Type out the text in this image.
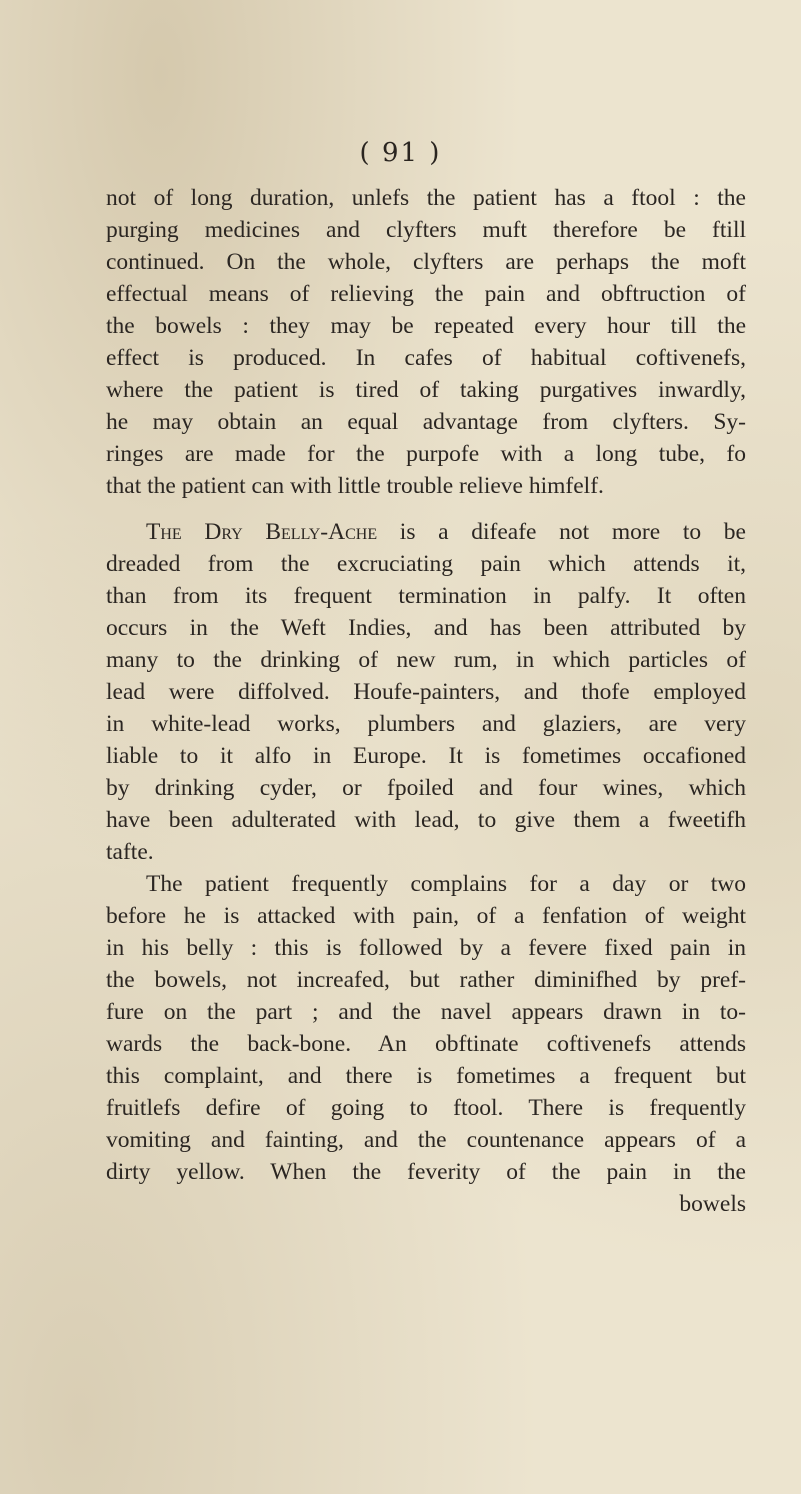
( 91 )
not of long duration, unlefs the patient has a ftool : the
purging medicines and clyfters muft therefore be ftill
continued. On the whole, clyfters are perhaps the moft
effectual means of relieving the pain and obftruction of
the bowels : they may be repeated every hour till the
effect is produced. In cafes of habitual coftivenefs,
where the patient is tired of taking purgatives inwardly,
he may obtain an equal advantage from clyfters. Sy-
ringes are made for the purpofe with a long tube, fo
that the patient can with little trouble relieve himfelf.
The Dry Belly-Ache is a difeafe not more to be
dreaded from the excruciating pain which attends it,
than from its frequent termination in palfy. It often
occurs in the Weft Indies, and has been attributed by
many to the drinking of new rum, in which particles of
lead were diffolved. Houfe-painters, and thofe employed
in white-lead works, plumbers and glaziers, are very
liable to it alfo in Europe. It is fometimes occafioned
by drinking cyder, or fpoiled and four wines, which
have been adulterated with lead, to give them a fweetifh
tafte.
The patient frequently complains for a day or two
before he is attacked with pain, of a fenfation of weight
in his belly : this is followed by a fevere fixed pain in
the bowels, not increafed, but rather diminifhed by pref-
fure on the part ; and the navel appears drawn in to-
wards the back-bone. An obftinate coftivenefs attends
this complaint, and there is fometimes a frequent but
fruitlefs defire of going to ftool. There is frequently
vomiting and fainting, and the countenance appears of a
dirty yellow. When the feverity of the pain in the
bowels
